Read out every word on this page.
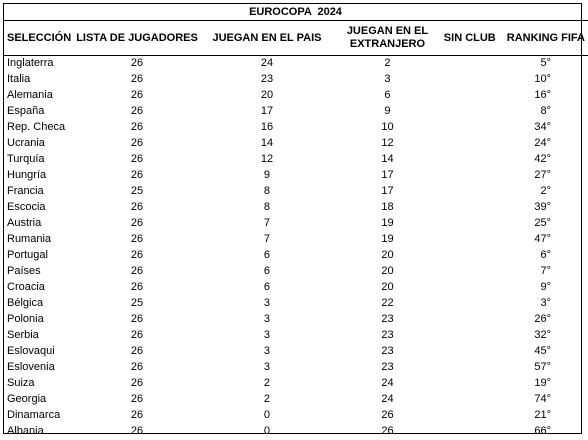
EUROCOPA 2024					
SELECCIÓN	LISTA DE JUGADORES	JUEGAN EN EL PAIS	JUEGAN EN EL EXTRANJERO	SIN CLUB	RANKING FIFA
Inglaterra	26	24	2		5°
Italia	26	23	3		10°
Alemania	26	20	6		16°
España	26	17	9		8°
Rep. Checa	26	16	10		34°
Ucrania	26	14	12		24°
Turquía	26	12	14		42°
Hungría	26	9	17		27°
Francia	25	8	17		2°
Escocia	26	8	18		39°
Austria	26	7	19		25°
Rumania	26	7	19		47°
Portugal	26	6	20		6°
Países	26	6	20		7°
Croacia	26	6	20		9°
Bélgica	25	3	22		3°
Polonia	26	3	23		26°
Serbia	26	3	23		32°
Eslovaqui	26	3	23		45°
Eslovenia	26	3	23		57°
Suiza	26	2	24		19°
Georgia	26	2	24		74°
Dinamarca	26	0	26		21°
Albania	26	0	26		66°
